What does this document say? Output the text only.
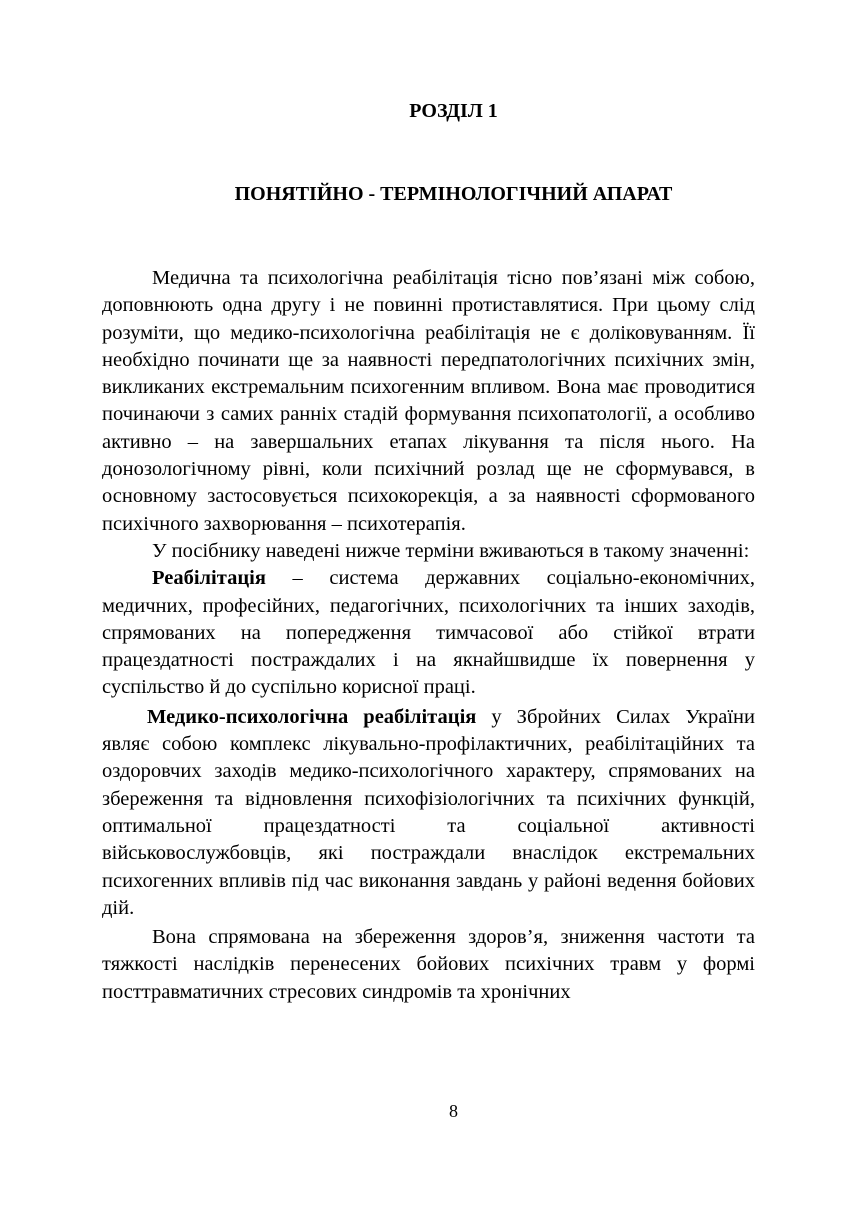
РОЗДІЛ 1
ПОНЯТІЙНО - ТЕРМІНОЛОГІЧНИЙ АПАРАТ

Медична та психологічна реабілітація тісно пов’язані між собою, доповнюють одна другу і не повинні протиставлятися. При цьому слід розуміти, що медико-психологічна реабілітація не є доліковуванням. Її необхідно починати ще за наявності передпатологічних психічних змін, викликаних екстремальним психогенним впливом. Вона має проводитися починаючи з самих ранніх стадій формування психопатології, а особливо активно – на завершальних етапах лікування та після нього. На донозологічному рівні, коли психічний розлад ще не сформувався, в основному застосовується психокорекція, а за наявності сформованого психічного захворювання – психотерапія.

У посібнику наведені нижче терміни вживаються в такому значенні:

Реабілітація – система державних соціально-економічних, медичних, професійних, педагогічних, психологічних та інших заходів, спрямованих на попередження тимчасової або стійкої втрати працездатності постраждалих і на якнайшвидше їх повернення у суспільство й до суспільно корисної праці.

Медико-психологічна реабілітація у Збройних Силах України являє собою комплекс лікувально-профілактичних, реабілітаційних та оздоровчих заходів медико-психологічного характеру, спрямованих на збереження та відновлення психофізіологічних та психічних функцій, оптимальної працездатності та соціальної активності військовослужбовців, які постраждали внаслідок екстремальних психогенних впливів під час виконання завдань у районі ведення бойових дій.

Вона спрямована на збереження здоров’я, зниження частоти та тяжкості наслідків перенесених бойових психічних травм у формі посттравматичних стресових синдромів та хронічних

8
